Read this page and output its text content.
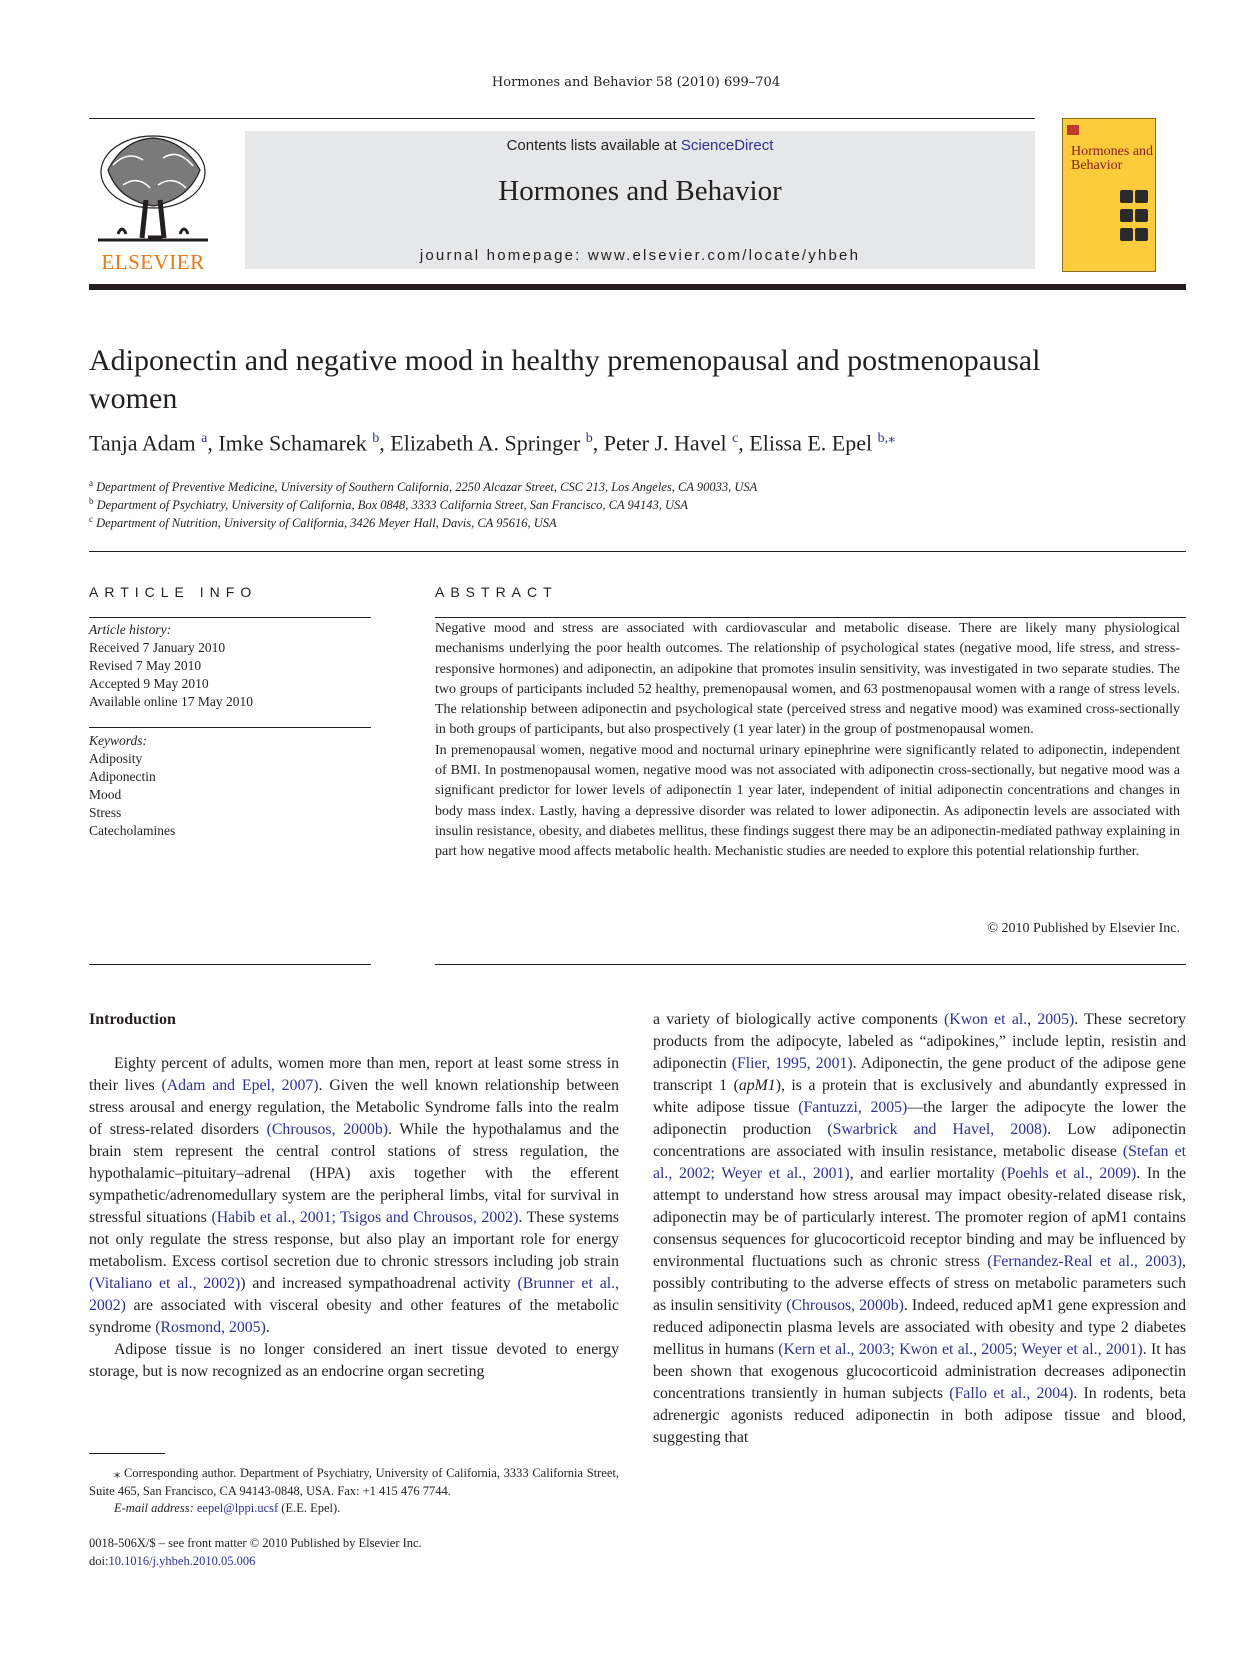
Hormones and Behavior 58 (2010) 699–704
ELSEVIER
Contents lists available at ScienceDirect
Hormones and Behavior
journal homepage: www.elsevier.com/locate/yhbeh
Hormones and Behavior
Adiponectin and negative mood in healthy premenopausal and postmenopausal women
Tanja Adam $^a$, Imke Schamarek $^b$, Elizabeth A. Springer $^b$, Peter J. Havel $^c$, Elissa E. Epel $^{b,⁎}$
$^a$ Department of Preventive Medicine, University of Southern California, 2250 Alcazar Street, CSC 213, Los Angeles, CA 90033, USA
$^b$ Department of Psychiatry, University of California, Box 0848, 3333 California Street, San Francisco, CA 94143, USA
$^c$ Department of Nutrition, University of California, 3426 Meyer Hall, Davis, CA 95616, USA
ARTICLE INFO
Article history:
Received 7 January 2010
Revised 7 May 2010
Accepted 9 May 2010
Available online 17 May 2010
Keywords:
Adiposity
Adiponectin
Mood
Stress
Catecholamines
ABSTRACT
Negative mood and stress are associated with cardiovascular and metabolic disease. There are likely many physiological mechanisms underlying the poor health outcomes. The relationship of psychological states (negative mood, life stress, and stress-responsive hormones) and adiponectin, an adipokine that promotes insulin sensitivity, was investigated in two separate studies. The two groups of participants included 52 healthy, premenopausal women, and 63 postmenopausal women with a range of stress levels. The relationship between adiponectin and psychological state (perceived stress and negative mood) was examined cross-sectionally in both groups of participants, but also prospectively (1 year later) in the group of postmenopausal women.
In premenopausal women, negative mood and nocturnal urinary epinephrine were significantly related to adiponectin, independent of BMI. In postmenopausal women, negative mood was not associated with adiponectin cross-sectionally, but negative mood was a significant predictor for lower levels of adiponectin 1 year later, independent of initial adiponectin concentrations and changes in body mass index. Lastly, having a depressive disorder was related to lower adiponectin. As adiponectin levels are associated with insulin resistance, obesity, and diabetes mellitus, these findings suggest there may be an adiponectin-mediated pathway explaining in part how negative mood affects metabolic health. Mechanistic studies are needed to explore this potential relationship further.
© 2010 Published by Elsevier Inc.
Introduction

Eighty percent of adults, women more than men, report at least some stress in their lives (Adam and Epel, 2007). Given the well known relationship between stress arousal and energy regulation, the Metabolic Syndrome falls into the realm of stress-related disorders (Chrousos, 2000b). While the hypothalamus and the brain stem represent the central control stations of stress regulation, the hypothalamic–pituitary–adrenal (HPA) axis together with the efferent sympathetic/adrenomedullary system are the peripheral limbs, vital for survival in stressful situations (Habib et al., 2001; Tsigos and Chrousos, 2002). These systems not only regulate the stress response, but also play an important role for energy metabolism. Excess cortisol secretion due to chronic stressors including job strain (Vitaliano et al., 2002)) and increased sympathoadrenal activity (Brunner et al., 2002) are associated with visceral obesity and other features of the metabolic syndrome (Rosmond, 2005).

Adipose tissue is no longer considered an inert tissue devoted to energy storage, but is now recognized as an endocrine organ secreting

a variety of biologically active components (Kwon et al., 2005). These secretory products from the adipocyte, labeled as “adipokines,” include leptin, resistin and adiponectin (Flier, 1995, 2001). Adiponectin, the gene product of the adipose gene transcript 1 (apM1), is a protein that is exclusively and abundantly expressed in white adipose tissue (Fantuzzi, 2005)—the larger the adipocyte the lower the adiponectin production (Swarbrick and Havel, 2008). Low adiponectin concentrations are associated with insulin resistance, metabolic disease (Stefan et al., 2002; Weyer et al., 2001), and earlier mortality (Poehls et al., 2009). In the attempt to understand how stress arousal may impact obesity-related disease risk, adiponectin may be of particularly interest. The promoter region of apM1 contains consensus sequences for glucocorticoid receptor binding and may be influenced by environmental fluctuations such as chronic stress (Fernandez-Real et al., 2003), possibly contributing to the adverse effects of stress on metabolic parameters such as insulin sensitivity (Chrousos, 2000b). Indeed, reduced apM1 gene expression and reduced adiponectin plasma levels are associated with obesity and type 2 diabetes mellitus in humans (Kern et al., 2003; Kwon et al., 2005; Weyer et al., 2001). It has been shown that exogenous glucocorticoid administration decreases adiponectin concentrations transiently in human subjects (Fallo et al., 2004). In rodents, beta adrenergic agonists reduced adiponectin in both adipose tissue and blood, suggesting that

⁎ Corresponding author. Department of Psychiatry, University of California, 3333 California Street, Suite 465, San Francisco, CA 94143-0848, USA. Fax: +1 415 476 7744.
E-mail address: eepel@lppi.ucsf (E.E. Epel).
0018-506X/$ – see front matter © 2010 Published by Elsevier Inc.
doi:10.1016/j.yhbeh.2010.05.006
